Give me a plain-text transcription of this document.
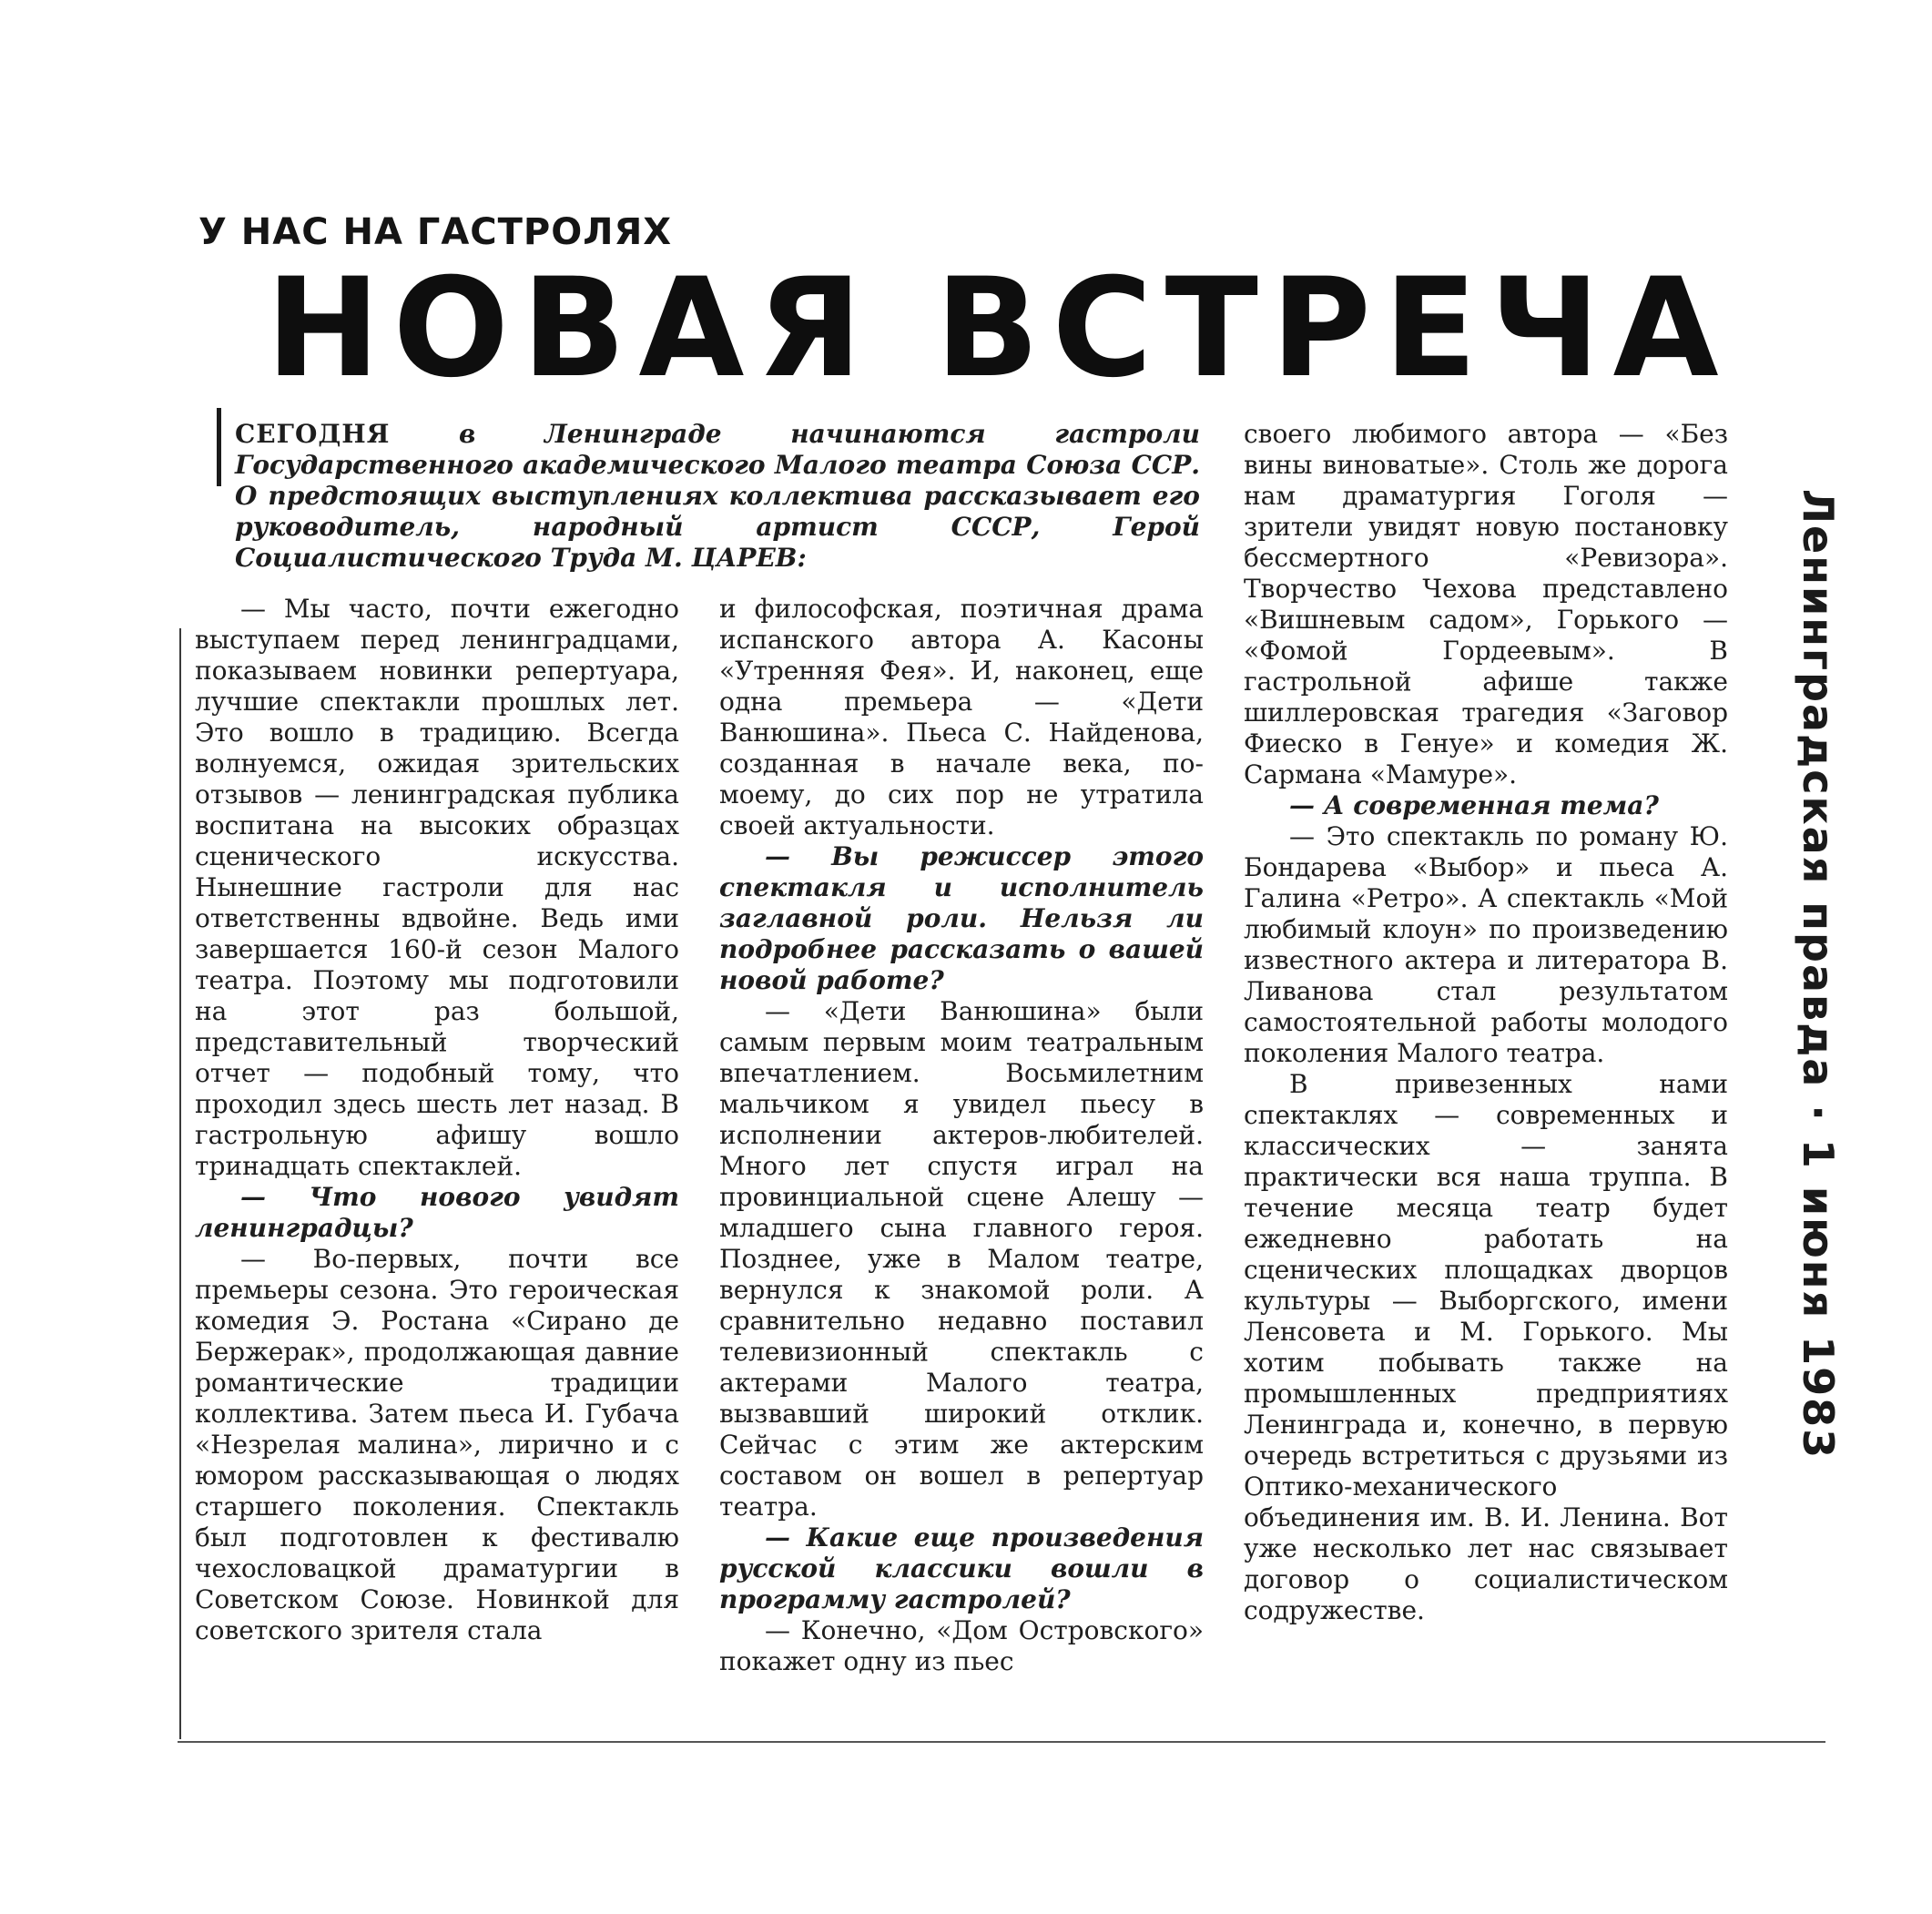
У НАС НА ГАСТРОЛЯХ
НОВАЯ ВСТРЕЧА
СЕГОДНЯ в Ленинграде начинаются гастроли Государственного академического Малого театра Союза ССР. О предстоящих выступлениях коллектива рассказывает его руководитель, народный артист СССР, Герой Социалистического Труда М. ЦАРЕВ:

— Мы часто, почти ежегодно выступаем перед ленинградцами, показываем новинки репертуара, лучшие спектакли прошлых лет. Это вошло в традицию. Всегда волнуемся, ожидая зрительских отзывов — ленинградская публика воспитана на высоких образцах сценического искусства. Нынешние гастроли для нас ответственны вдвойне. Ведь ими завершается 160-й сезон Малого театра. Поэтому мы подготовили на этот раз большой, представительный творческий отчет — подобный тому, что проходил здесь шесть лет назад. В гастрольную афишу вошло тринадцать спектаклей.

— Что нового увидят ленинградцы?

— Во-первых, почти все премьеры сезона. Это героическая комедия Э. Ростана «Сирано де Бержерак», продолжающая давние романтические традиции коллектива. Затем пьеса И. Губача «Незрелая малина», лирично и с юмором рассказывающая о людях старшего поколения. Спектакль был подготовлен к фестивалю чехословацкой драматургии в Советском Союзе. Новинкой для советского зрителя стала

и философская, поэтичная драма испанского автора А. Касоны «Утренняя Фея». И, наконец, еще одна премьера — «Дети Ванюшина». Пьеса С. Найденова, созданная в начале века, по-моему, до сих пор не утратила своей актуальности.

— Вы режиссер этого спектакля и исполнитель заглавной роли. Нельзя ли подробнее рассказать о вашей новой работе?

— «Дети Ванюшина» были самым первым моим театральным впечатлением. Восьмилетним мальчиком я увидел пьесу в исполнении актеров-любителей. Много лет спустя играл на провинциальной сцене Алешу — младшего сына главного героя. Позднее, уже в Малом театре, вернулся к знакомой роли. А сравнительно недавно поставил телевизионный спектакль с актерами Малого театра, вызвавший широкий отклик. Сейчас с этим же актерским составом он вошел в репертуар театра.

— Какие еще произведения русской классики вошли в программу гастролей?

— Конечно, «Дом Островского» покажет одну из пьес

своего любимого автора — «Без вины виноватые». Столь же дорога нам драматургия Гоголя — зрители увидят новую постановку бессмертного «Ревизора». Творчество Чехова представлено «Вишневым садом», Горького — «Фомой Гордеевым». В гастрольной афише также шиллеровская трагедия «Заговор Фиеско в Генуе» и комедия Ж. Сармана «Мамуре».

— А современная тема?

— Это спектакль по роману Ю. Бондарева «Выбор» и пьеса А. Галина «Ретро». А спектакль «Мой любимый клоун» по произведению известного актера и литератора В. Ливанова стал результатом самостоятельной работы молодого поколения Малого театра.

В привезенных нами спектаклях — современных и классических — занята практически вся наша труппа. В течение месяца театр будет ежедневно работать на сценических площадках дворцов культуры — Выборгского, имени Ленсовета и М. Горького. Мы хотим побывать также на промышленных предприятиях Ленинграда и, конечно, в первую очередь встретиться с друзьями из Оптико-механического объединения им. В. И. Ленина. Вот уже несколько лет нас связывает договор о социалистическом содружестве.

Ленинградская правда · 1 июня 1983
